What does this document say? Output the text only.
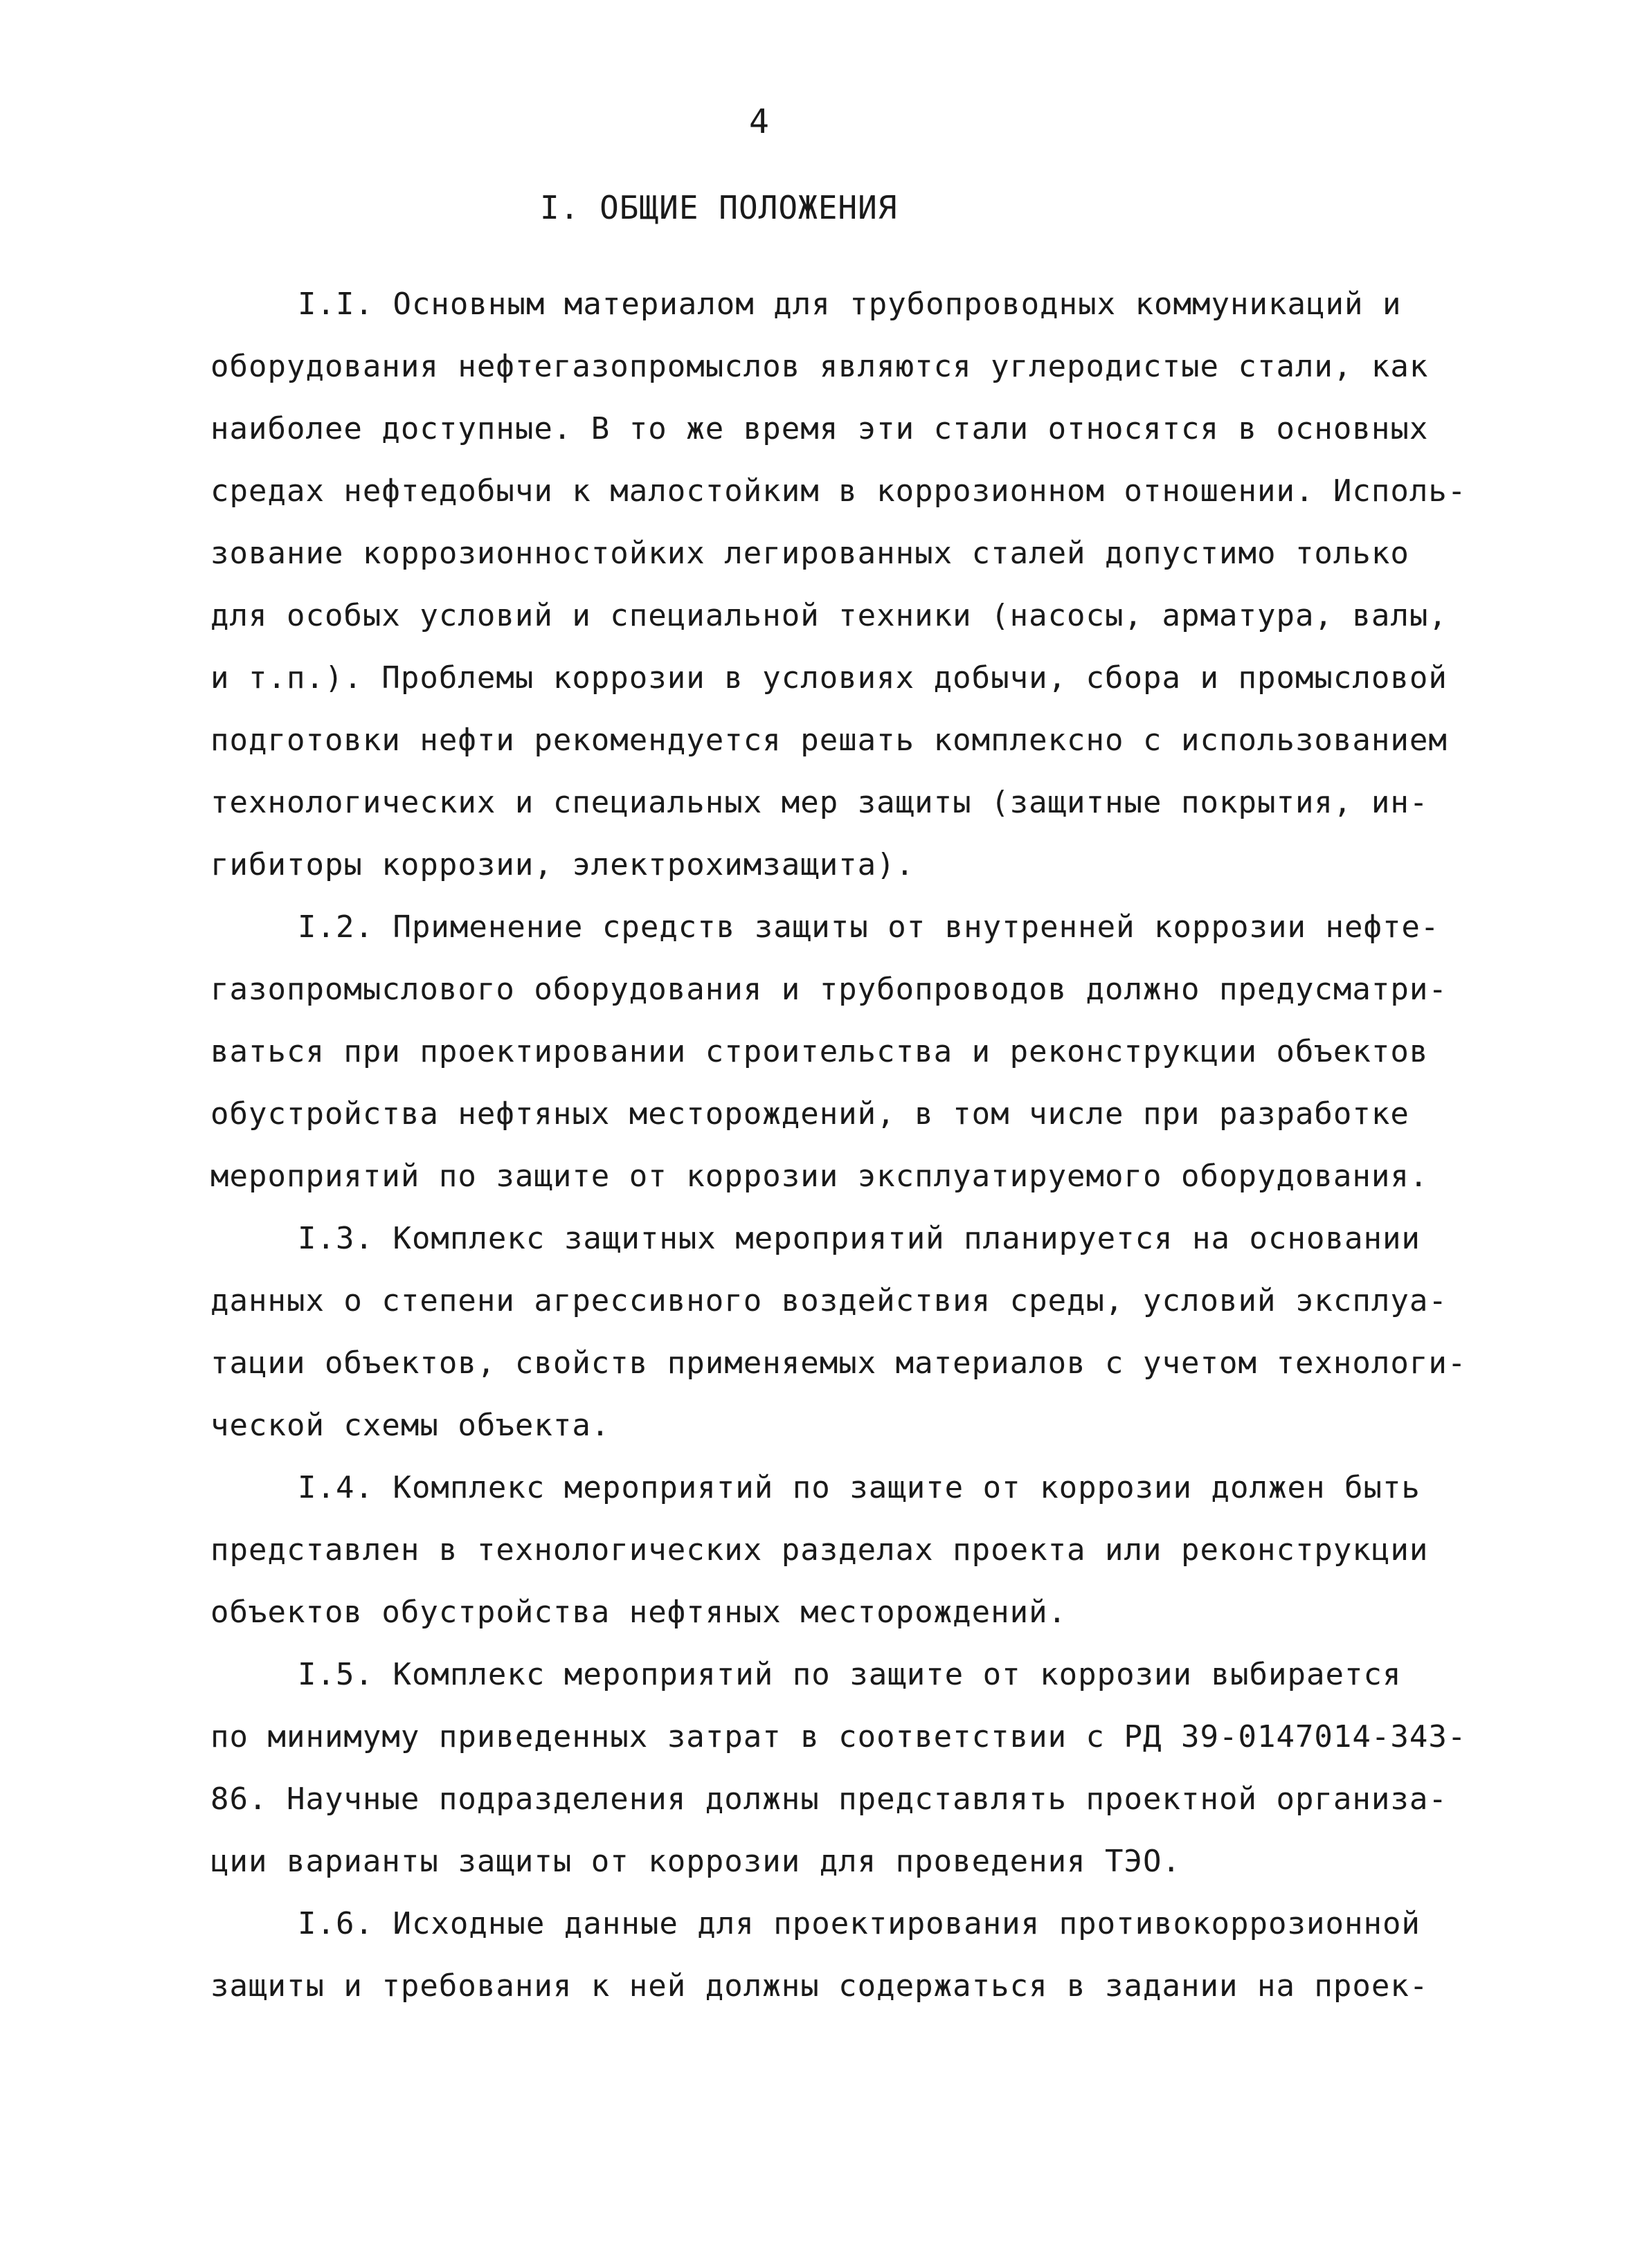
4

I. ОБЩИЕ ПОЛОЖЕНИЯ

I.I. Основным материалом для трубопроводных коммуникаций и

оборудования нефтегазопромыслов являются углеродистые стали, как

наиболее доступные. В то же время эти стали относятся в основных

средах нефтедобычи к малостойким в коррозионном отношении. Исполь-

зование коррозионностойких легированных сталей допустимо только

для особых условий и специальной техники (насосы, арматура, валы,

и т.п.). Проблемы коррозии в условиях добычи, сбора и промысловой

подготовки нефти рекомендуется решать комплексно с использованием

технологических и специальных мер защиты (защитные покрытия, ин-

гибиторы коррозии, электрохимзащита).

I.2. Применение средств защиты от внутренней коррозии нефте-

газопромыслового оборудования и трубопроводов должно предусматри-

ваться при проектировании строительства и реконструкции объектов

обустройства нефтяных месторождений, в том числе при разработке

мероприятий по защите от коррозии эксплуатируемого оборудования.

I.3. Комплекс защитных мероприятий планируется на основании

данных о степени агрессивного воздействия среды, условий эксплуа-

тации объектов, свойств применяемых материалов с учетом технологи-

ческой схемы объекта.

I.4. Комплекс мероприятий по защите от коррозии должен быть

представлен в технологических разделах проекта или реконструкции

объектов обустройства нефтяных месторождений.

I.5. Комплекс мероприятий по защите от коррозии выбирается

по минимуму приведенных затрат в соответствии с РД 39-0147014-343-

86. Научные подразделения должны представлять проектной организа-

ции варианты защиты от коррозии для проведения ТЭО.

I.6. Исходные данные для проектирования противокоррозионной

защиты и требования к ней должны содержаться в задании на проек-
